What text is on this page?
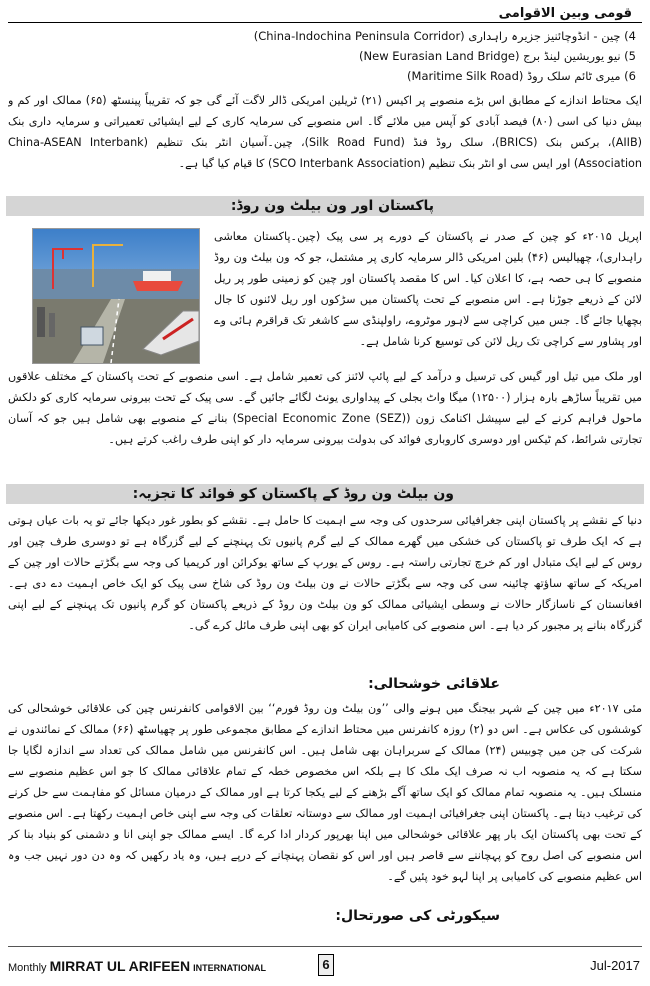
قومی وبین الاقوامی
4) چین - انڈوچائنیز جزیرہ راہداری (China-Indochina Peninsula Corridor)
5) نیو یوریشین لینڈ برج (New Eurasian Land Bridge)
6) میری ٹائم سلک روڈ (Maritime Silk Road)
ایک محتاط اندازے کے مطابق اس بڑے منصوبے پر اکیس (۲۱) ٹریلین امریکی ڈالر لاگت آئے گی جو کہ تقریباً پینسٹھ (۶۵) ممالک اور کم و بیش دنیا کی اسی (۸۰) فیصد آبادی کو آپس میں ملائے گا۔ اس منصوبے کی سرمایہ کاری کے لیے ایشیائی تعمیراتی و سرمایہ داری بنک (AIIB)، برکس بنک (BRICS)، سلک روڈ فنڈ (Silk Road Fund)، چین۔آسیان انٹر بنک تنظیم (China-ASEAN Interbank Association) اور ایس سی او انٹر بنک تنظیم (SCO Interbank Association) کا قیام کیا گیا ہے۔
پاکستان اور ون بیلٹ ون روڈ:
اپریل ۲۰۱۵ء کو چین کے صدر نے پاکستان کے دورے پر سی پیک (چین۔پاکستان معاشی راہداری)، چھیالیس (۴۶) بلین امریکی ڈالر سرمایہ کاری پر مشتمل، جو کہ ون بیلٹ ون روڈ منصوبے کا ہی حصہ ہے، کا اعلان کیا۔ اس کا مقصد پاکستان اور چین کو زمینی طور پر ریل لائن کے ذریعے جوڑنا ہے۔ اس منصوبے کے تحت پاکستان میں سڑکوں اور ریل لائنوں کا جال بچھایا جائے گا۔ جس میں کراچی سے لاہور موٹروے، راولپنڈی سے کاشغر تک قراقرم ہائی وے اور پشاور سے کراچی تک ریل لائن کی توسیع کرنا شامل ہے۔
اور ملک میں تیل اور گیس کی ترسیل و درآمد کے لیے پائپ لائنز کی تعمیر شامل ہے۔ اسی منصوبے کے تحت پاکستان کے مختلف علاقوں میں تقریباً ساڑھے بارہ ہزار (۱۲۵۰۰) میگا واٹ بجلی کے پیداواری یونٹ لگائے جائیں گے۔ سی پیک کے تحت بیرونی سرمایہ کاری کو دلکش ماحول فراہم کرنے کے لیے سپیشل اکنامک زون (Special Economic Zone (SEZ)) بنانے کے منصوبے بھی شامل ہیں جو کہ آسان تجارتی شرائط، کم ٹیکس اور دوسری کاروباری فوائد کی بدولت بیرونی سرمایہ دار کو اپنی طرف راغب کرتے ہیں۔
ون بیلٹ ون روڈ کے پاکستان کو فوائد کا تجزیہ:
دنیا کے نقشے پر پاکستان اپنی جغرافیائی سرحدوں کی وجہ سے اہمیت کا حامل ہے۔ نقشے کو بطور غور دیکھا جائے تو یہ بات عیاں ہوتی ہے کہ ایک طرف تو پاکستان کی خشکی میں گھرے ممالک کے لیے گرم پانیوں تک پہنچنے کے لیے گزرگاہ ہے تو دوسری طرف چین اور روس کے لیے ایک متبادل اور کم خرچ تجارتی راستہ ہے۔ روس کے یورپ کے ساتھ یوکرائن اور کریمیا کی وجہ سے بگڑتے حالات اور چین کے امریکہ کے ساتھ ساؤتھ چائینہ سی کی وجہ سے بگڑتے حالات نے ون بیلٹ ون روڈ کی شاخ سی پیک کو ایک خاص اہمیت دے دی ہے۔ افغانستان کے ناسازگار حالات نے وسطی ایشیائی ممالک کو ون بیلٹ ون روڈ کے ذریعے پاکستان کو گرم پانیوں تک پہنچنے کے لیے اپنی گزرگاہ بنانے پر مجبور کر دیا ہے۔ اس منصوبے کی کامیابی ایران کو بھی اپنی طرف مائل کرے گی۔
علاقائی خوشحالی:
مئی ۲۰۱۷ء میں چین کے شہر بیجنگ میں ہونے والی ’’ون بیلٹ ون روڈ فورم‘‘ بین الاقوامی کانفرنس چین کی علاقائی خوشحالی کی کوششوں کی عکاس ہے۔ اس دو (۲) روزہ کانفرنس میں محتاط اندازے کے مطابق مجموعی طور پر چھیاسٹھ (۶۶) ممالک کے نمائندوں نے شرکت کی جن میں چوبیس (۲۴) ممالک کے سربراہان بھی شامل ہیں۔ اس کانفرنس میں شامل ممالک کی تعداد سے اندازہ لگایا جا سکتا ہے کہ یہ منصوبہ اب نہ صرف ایک ملک کا ہے بلکہ اس مخصوص خطہ کے تمام علاقائی ممالک کا جو اس عظیم منصوبے سے منسلک ہیں۔ یہ منصوبہ تمام ممالک کو ایک ساتھ آگے بڑھنے کے لیے یکجا کرتا ہے اور ممالک کے درمیان مسائل کو مفاہمت سے حل کرنے کی ترغیب دیتا ہے۔ پاکستان اپنی جغرافیائی اہمیت اور ممالک سے دوستانہ تعلقات کی وجہ سے اپنی خاص اہمیت رکھتا ہے۔ اس منصوبے کے تحت بھی پاکستان ایک بار پھر علاقائی خوشحالی میں اپنا بھرپور کردار ادا کرے گا۔ ایسے ممالک جو اپنی انا و دشمنی کو بنیاد بنا کر اس منصوبے کی اصل روح کو پہچاننے سے قاصر ہیں اور اس کو نقصان پہنچانے کے درپے ہیں، وہ یاد رکھیں کہ وہ دن دور نہیں جب وہ اس عظیم منصوبے کی کامیابی پر اپنا لہو خود پئیں گے۔
سیکورٹی کی صورتحال:
Monthly MIRRAT UL ARIFEEN INTERNATIONAL	6	Jul-2017
